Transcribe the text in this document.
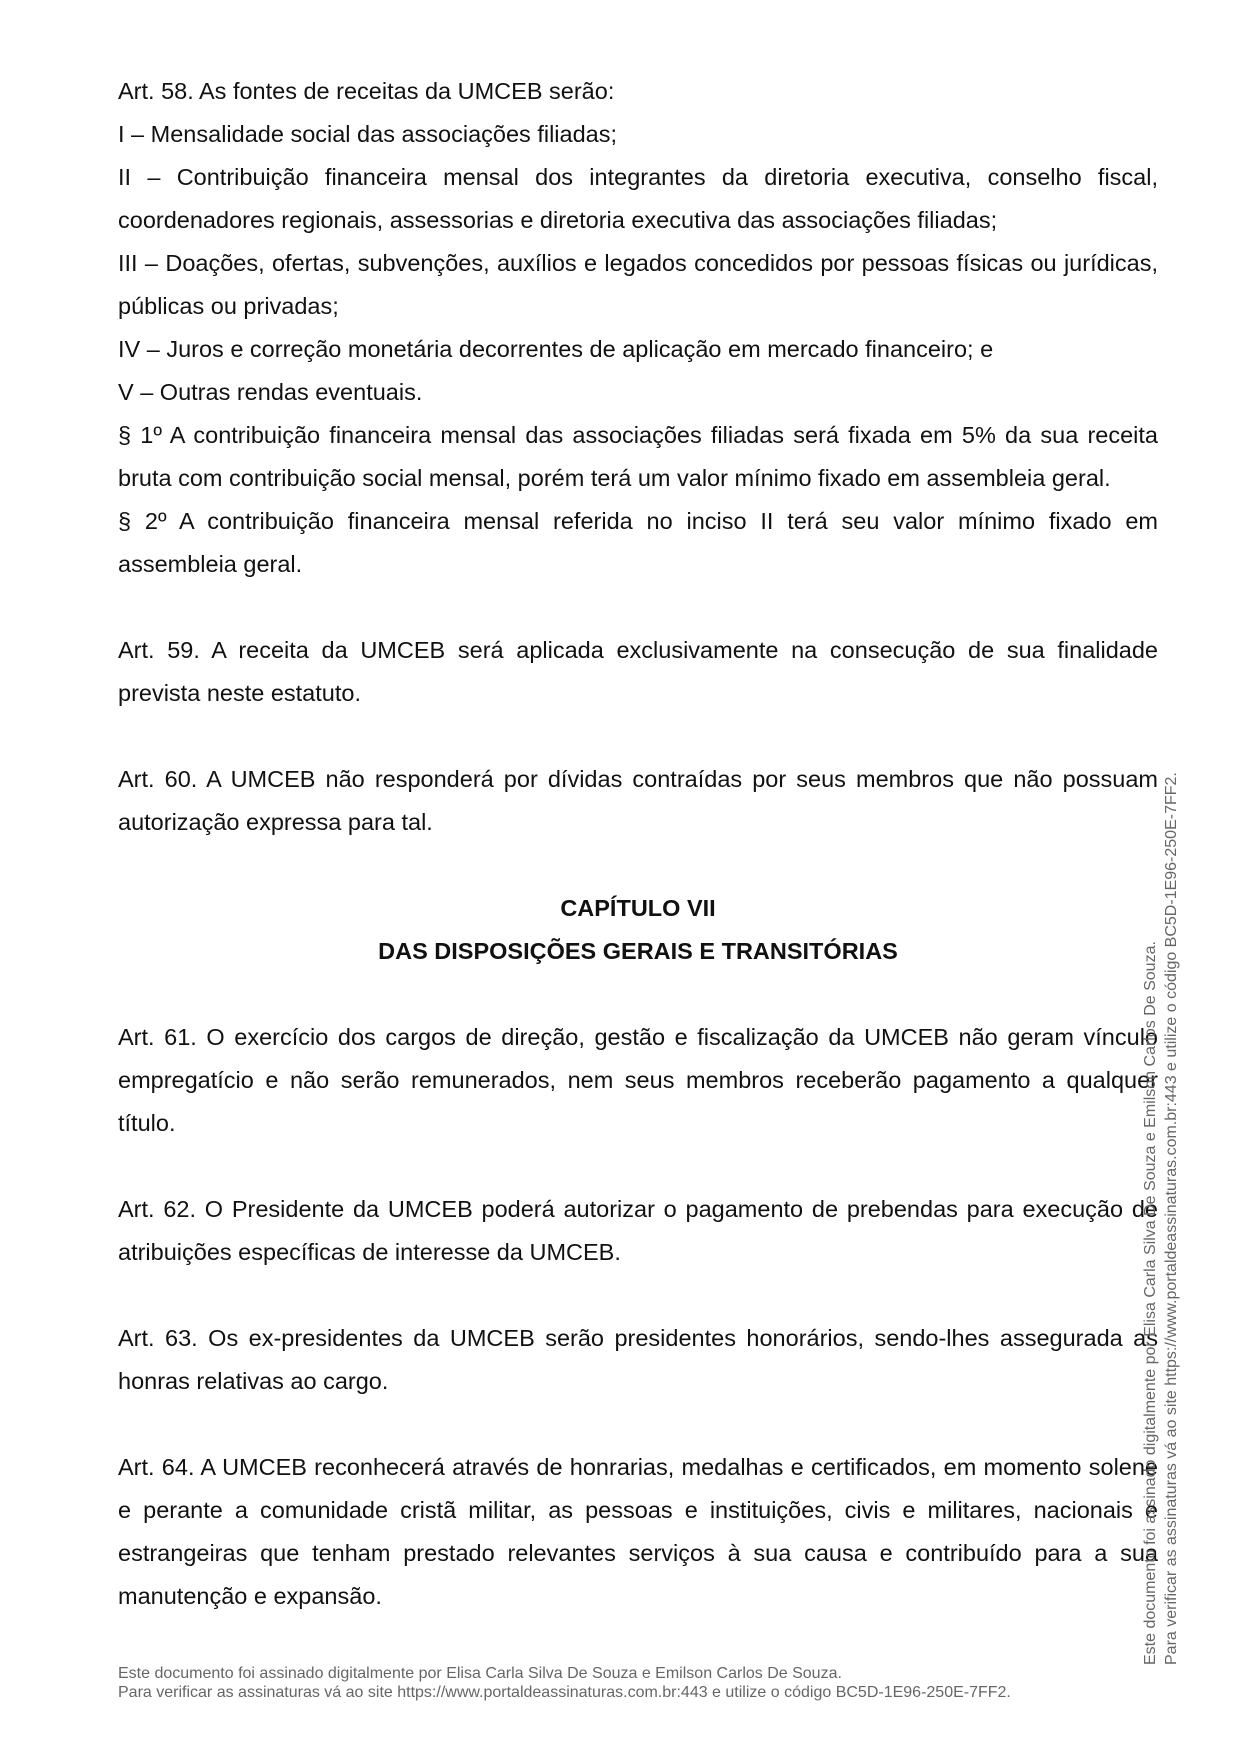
Art. 58. As fontes de receitas da UMCEB serão:

I – Mensalidade social das associações filiadas;

II – Contribuição financeira mensal dos integrantes da diretoria executiva, conselho fiscal, coordenadores regionais, assessorias e diretoria executiva das associações filiadas;

III – Doações, ofertas, subvenções, auxílios e legados concedidos por pessoas físicas ou jurídicas, públicas ou privadas;

IV – Juros e correção monetária decorrentes de aplicação em mercado financeiro; e

V – Outras rendas eventuais.

§ 1º A contribuição financeira mensal das associações filiadas será fixada em 5% da sua receita bruta com contribuição social mensal, porém terá um valor mínimo fixado em assembleia geral.

§ 2º A contribuição financeira mensal referida no inciso II terá seu valor mínimo fixado em assembleia geral.

Art. 59. A receita da UMCEB será aplicada exclusivamente na consecução de sua finalidade prevista neste estatuto.

Art. 60. A UMCEB não responderá por dívidas contraídas por seus membros que não possuam autorização expressa para tal.

CAPÍTULO VII

DAS DISPOSIÇÕES GERAIS E TRANSITÓRIAS

Art. 61. O exercício dos cargos de direção, gestão e fiscalização da UMCEB não geram vínculo empregatício e não serão remunerados, nem seus membros receberão pagamento a qualquer título.

Art. 62. O Presidente da UMCEB poderá autorizar o pagamento de prebendas para execução de atribuições específicas de interesse da UMCEB.

Art. 63. Os ex-presidentes da UMCEB serão presidentes honorários, sendo-lhes assegurada as honras relativas ao cargo.

Art. 64. A UMCEB reconhecerá através de honrarias, medalhas e certificados, em momento solene e perante a comunidade cristã militar, as pessoas e instituições, civis e militares, nacionais e estrangeiras que tenham prestado relevantes serviços à sua causa e contribuído para a sua manutenção e expansão.	Este documento foi assinado digitalmente por Elisa Carla Silva De Souza e Emilson Carlos De Souza. Para verificar as assinaturas vá ao site https://www.portaldeassinaturas.com.br:443 e utilize o código BC5D-1E96-250E-7FF2.
Este documento foi assinado digitalmente por Elisa Carla Silva De Souza e Emilson Carlos De Souza.
Para verificar as assinaturas vá ao site https://www.portaldeassinaturas.com.br:443 e utilize o código BC5D-1E96-250E-7FF2.
